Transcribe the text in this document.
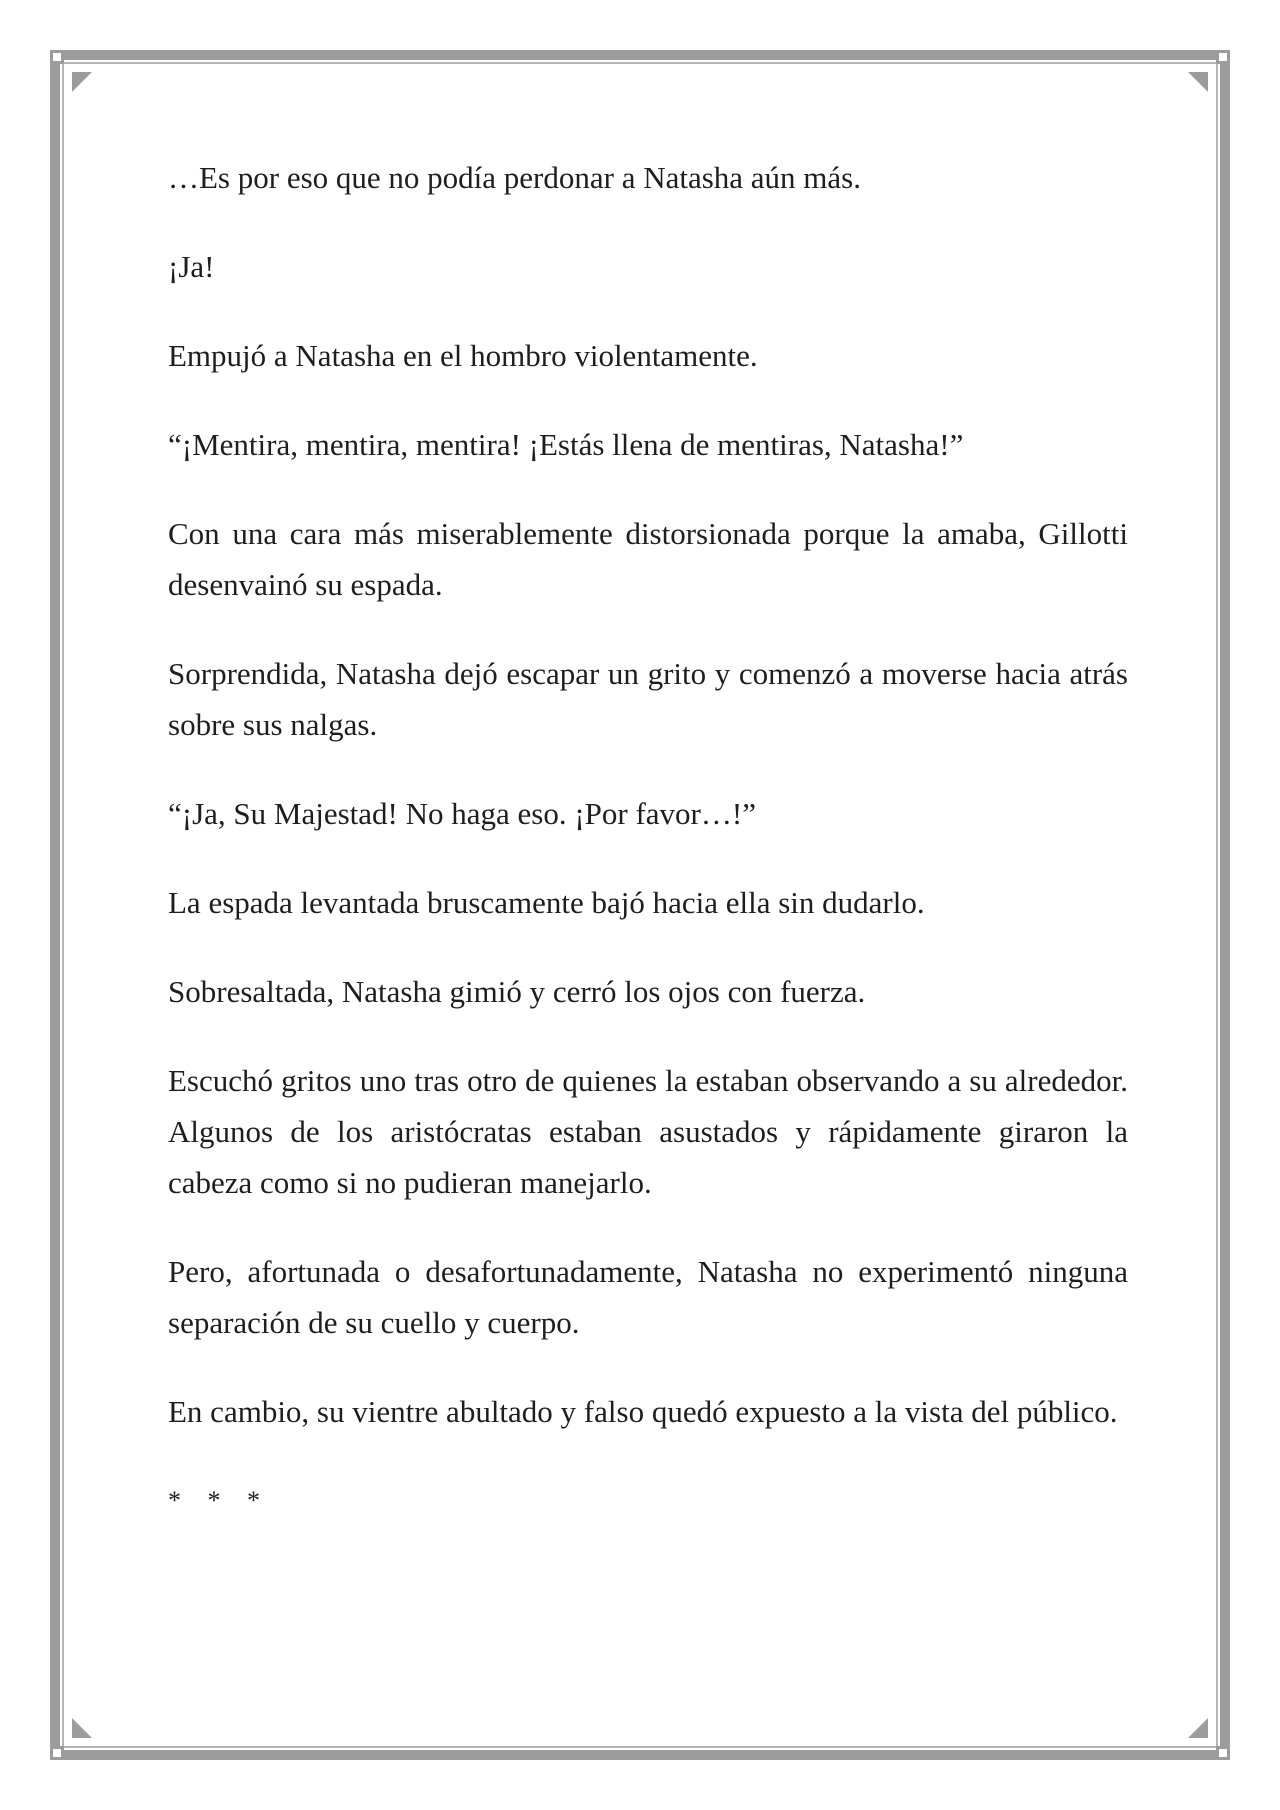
…Es por eso que no podía perdonar a Natasha aún más.

¡Ja!

Empujó a Natasha en el hombro violentamente.

“¡Mentira, mentira, mentira! ¡Estás llena de mentiras, Natasha!”

Con una cara más miserablemente distorsionada porque la amaba, Gillotti desenvainó su espada.

Sorprendida, Natasha dejó escapar un grito y comenzó a moverse hacia atrás sobre sus nalgas.

“¡Ja, Su Majestad! No haga eso. ¡Por favor…!”

La espada levantada bruscamente bajó hacia ella sin dudarlo.

Sobresaltada, Natasha gimió y cerró los ojos con fuerza.

Escuchó gritos uno tras otro de quienes la estaban observando a su alrededor. Algunos de los aristócratas estaban asustados y rápidamente giraron la cabeza como si no pudieran manejarlo.

Pero, afortunada o desafortunadamente, Natasha no experimentó ninguna separación de su cuello y cuerpo.

En cambio, su vientre abultado y falso quedó expuesto a la vista del público.

* * *
